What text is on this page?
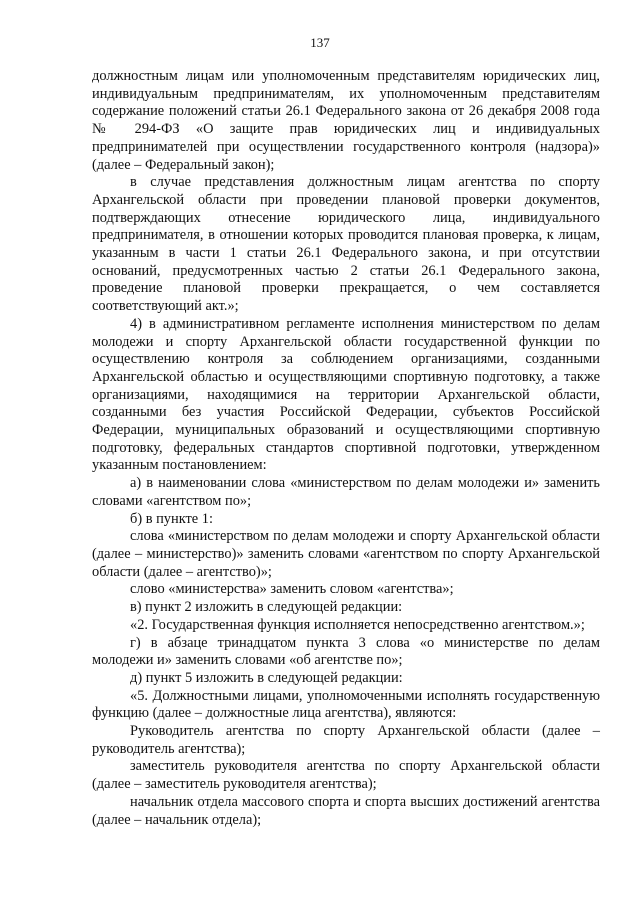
137

должностным лицам или уполномоченным представителям юридических лиц, индивидуальным предпринимателям, их уполномоченным представителям содержание положений статьи 26.1 Федерального закона от 26 декабря 2008 года № 294-ФЗ «О защите прав юридических лиц и индивидуальных предпринимателей при осуществлении государственного контроля (надзора)» (далее – Федеральный закон);

в случае представления должностным лицам агентства по спорту Архангельской области при проведении плановой проверки документов, подтверждающих отнесение юридического лица, индивидуального предпринимателя, в отношении которых проводится плановая проверка, к лицам, указанным в части 1 статьи 26.1 Федерального закона, и при отсутствии оснований, предусмотренных частью 2 статьи 26.1 Федерального закона, проведение плановой проверки прекращается, о чем составляется соответствующий акт.»;

4) в административном регламенте исполнения министерством по делам молодежи и спорту Архангельской области государственной функции по осуществлению контроля за соблюдением организациями, созданными Архангельской областью и осуществляющими спортивную подготовку, а также организациями, находящимися на территории Архангельской области, созданными без участия Российской Федерации, субъектов Российской Федерации, муниципальных образований и осуществляющими спортивную подготовку, федеральных стандартов спортивной подготовки, утвержденном указанным постановлением:

а) в наименовании слова «министерством по делам молодежи и» заменить словами «агентством по»;

б) в пункте 1:

слова «министерством по делам молодежи и спорту Архангельской области (далее – министерство)» заменить словами «агентством по спорту Архангельской области (далее – агентство)»;

слово «министерства» заменить словом «агентства»;

в) пункт 2 изложить в следующей редакции:

«2. Государственная функция исполняется непосредственно агентством.»;

г) в абзаце тринадцатом пункта 3 слова «о министерстве по делам молодежи и» заменить словами «об агентстве по»;

д) пункт 5 изложить в следующей редакции:

«5. Должностными лицами, уполномоченными исполнять государственную функцию (далее – должностные лица агентства), являются:

Руководитель агентства по спорту Архангельской области (далее – руководитель агентства);

заместитель руководителя агентства по спорту Архангельской области (далее – заместитель руководителя агентства);

начальник отдела массового спорта и спорта высших достижений агентства (далее – начальник отдела);
